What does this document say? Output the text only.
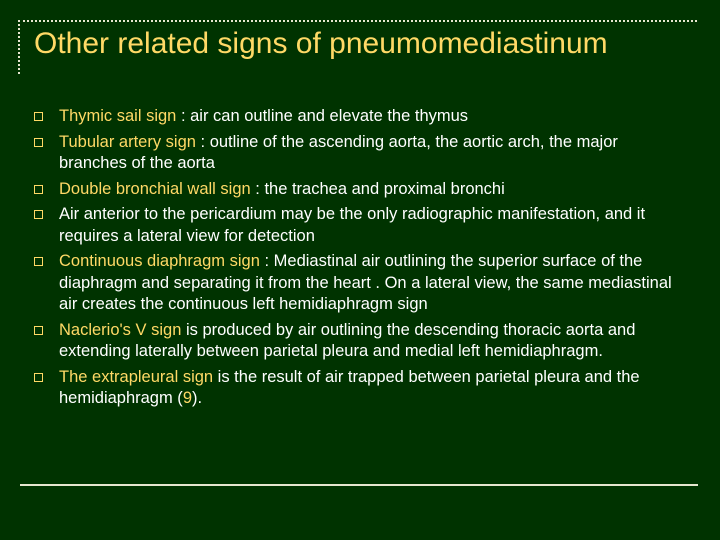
Other related signs of pneumomediastinum
Thymic sail sign : air can outline and elevate the thymus
Tubular artery sign : outline of the ascending aorta, the aortic arch, the major branches of the aorta
Double bronchial wall sign : the trachea and proximal bronchi
Air anterior to the pericardium may be the only radiographic manifestation, and it requires a lateral view for detection
Continuous diaphragm sign : Mediastinal air outlining the superior surface of the diaphragm and separating it from the heart . On a lateral view, the same mediastinal air creates the continuous left hemidiaphragm sign
Naclerio's V sign is produced by air outlining the descending thoracic aorta and extending laterally between parietal pleura and medial left hemidiaphragm.
The extrapleural sign is the result of air trapped between parietal pleura and the hemidiaphragm (9).
